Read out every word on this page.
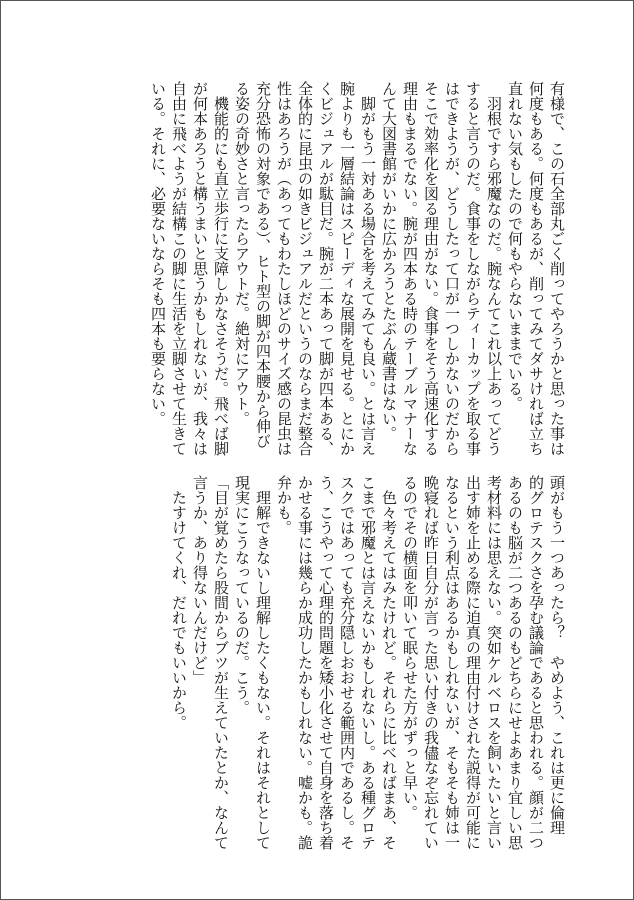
有様で、この石全部丸ごく削ってやろうかと思った事は
何度もある。何度もあるが、削ってみてダサければ立ち
直れない気もしたので何もやらないままでいる。
　羽根ですら邪魔なのだ。腕なんてこれ以上あってどう
すると言うのだ。食事をしながらティーカップを取る事
はできようが、どうしたって口が一つしかないのだから
そこで効率化を図る理由がない。食事をそう高速化する
理由もまるでない。腕が四本ある時のテーブルマナーな
んて大図書館がいかに広かろうとたぶん蔵書はない。
　脚がもう一対ある場合を考えてみても良い。とは言え
腕よりも一層結論はスピーディな展開を見せる。とにか
くビジュアルが駄目だ。腕が二本あって脚が四本ある、
全体的に昆虫の如きビジュアルだというのならまだ整合
性はあろうが（あってもわたしほどのサイズ感の昆虫は
充分恐怖の対象である）、ヒト型の脚が四本腰から伸び
る姿の奇妙さと言ったらアウトだ。絶対にアウト。
　機能的にも直立歩行に支障しかなさそうだ。飛べば脚
が何本あろうと構うまいと思うかもしれないが、我々は
自由に飛べようが結構この脚に生活を立脚させて生きて
いる。それに、必要ないならそも四本も要らない。
頭がもう一つあったら？　やめよう、これは更に倫理
的グロテスクさを孕む議論であると思われる。顔が二つ
あるのも脳が二つあるのもどちらにせよあまり宜しい思
考材料には思えない。突如ケルベロスを飼いたいと言い
出す姉を止める際に迫真の理由付けされた説得が可能に
なるという利点はあるかもしれないが、そもそも姉は一
晩寝れば昨日自分が言った思い付きの我儘なぞ忘れてい
るのでその横面を叩いて眠らせた方がずっと早い。
　色々考えてはみたけれど。それらに比べればまあ、そ
こまで邪魔とは言えないかもしれないし。ある種グロテ
スクではあっても充分隠しおおせる範囲内であるし。そ
う、こうやって心理的問題を矮小化させて自身を落ち着
かせる事には幾らか成功したかもしれない。嘘かも。詭
弁かも。
　理解できないし理解したくもない。それはそれとして
現実にこうなっているのだ。こう。
「目が覚めたら股間からブツが生えていたとか、なんて
言うか、あり得ないんだけど」
　たすけてくれ、だれでもいいから。
